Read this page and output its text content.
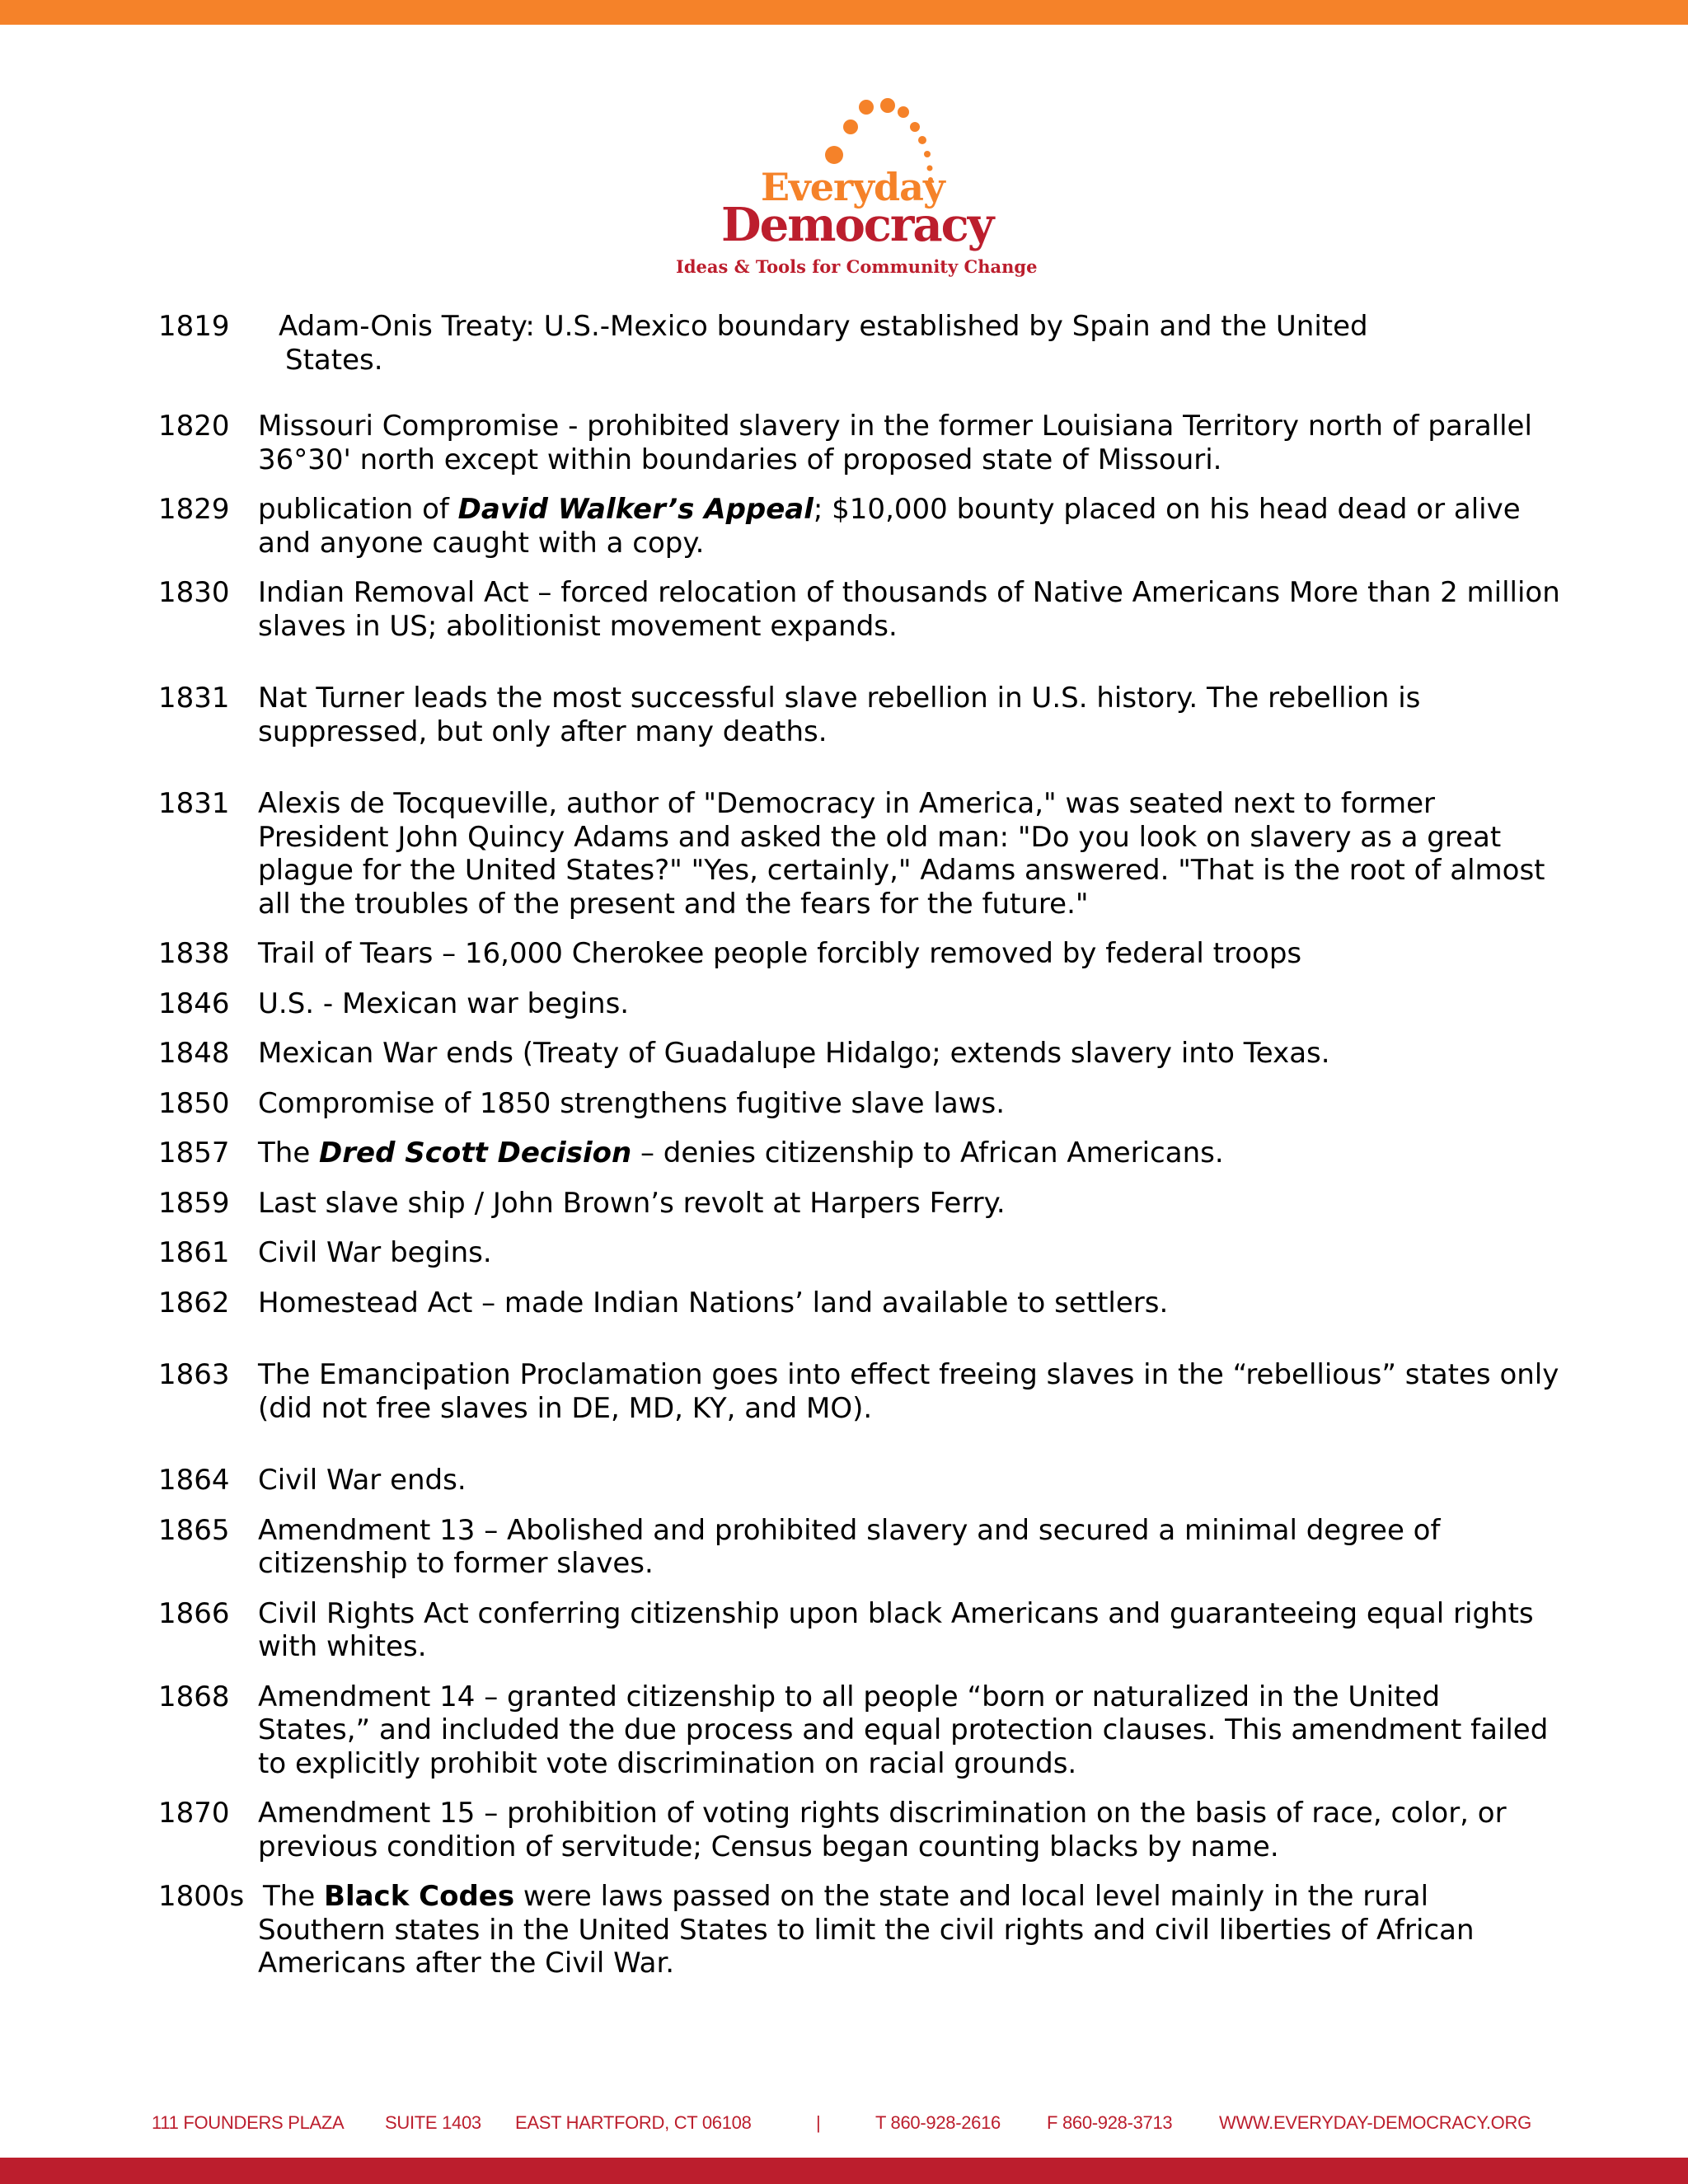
Everyday
Democracy
Ideas & Tools for Community Change
1819 Adam-Onis Treaty: U.S.-Mexico boundary established by Spain and the United
States.
1820 Missouri Compromise - prohibited slavery in the former Louisiana Territory north of parallel 36°30' north except within boundaries of proposed state of Missouri.
1829 publication of David Walker’s Appeal; $10,000 bounty placed on his head dead or alive and anyone caught with a copy.
1830 Indian Removal Act – forced relocation of thousands of Native Americans More than 2 million slaves in US; abolitionist movement expands.
1831 Nat Turner leads the most successful slave rebellion in U.S. history. The rebellion is suppressed, but only after many deaths.
1831 Alexis de Tocqueville, author of "Democracy in America," was seated next to former President John Quincy Adams and asked the old man: "Do you look on slavery as a great plague for the United States?" "Yes, certainly," Adams answered. "That is the root of almost all the troubles of the present and the fears for the future."
1838 Trail of Tears – 16,000 Cherokee people forcibly removed by federal troops
1846 U.S. - Mexican war begins.
1848 Mexican War ends (Treaty of Guadalupe Hidalgo; extends slavery into Texas.
1850 Compromise of 1850 strengthens fugitive slave laws.
1857 The Dred Scott Decision – denies citizenship to African Americans.
1859 Last slave ship / John Brown’s revolt at Harpers Ferry.
1861 Civil War begins.
1862 Homestead Act – made Indian Nations’ land available to settlers.
1863 The Emancipation Proclamation goes into effect freeing slaves in the “rebellious” states only (did not free slaves in DE, MD, KY, and MO).
1864 Civil War ends.
1865 Amendment 13 – Abolished and prohibited slavery and secured a minimal degree of citizenship to former slaves.
1866 Civil Rights Act conferring citizenship upon black Americans and guaranteeing equal rights with whites.
1868 Amendment 14 – granted citizenship to all people “born or naturalized in the United States,” and included the due process and equal protection clauses. This amendment failed to explicitly prohibit vote discrimination on racial grounds.
1870 Amendment 15 – prohibition of voting rights discrimination on the basis of race, color, or previous condition of servitude; Census began counting blacks by name.
1800s The Black Codes were laws passed on the state and local level mainly in the rural Southern states in the United States to limit the civil rights and civil liberties of African Americans after the Civil War.
111 FOUNDERS PLAZA SUITE 1403 EAST HARTFORD, CT 06108	|	T 860-928-2616	F 860-928-3713	WWW.EVERYDAY-DEMOCRACY.ORG
